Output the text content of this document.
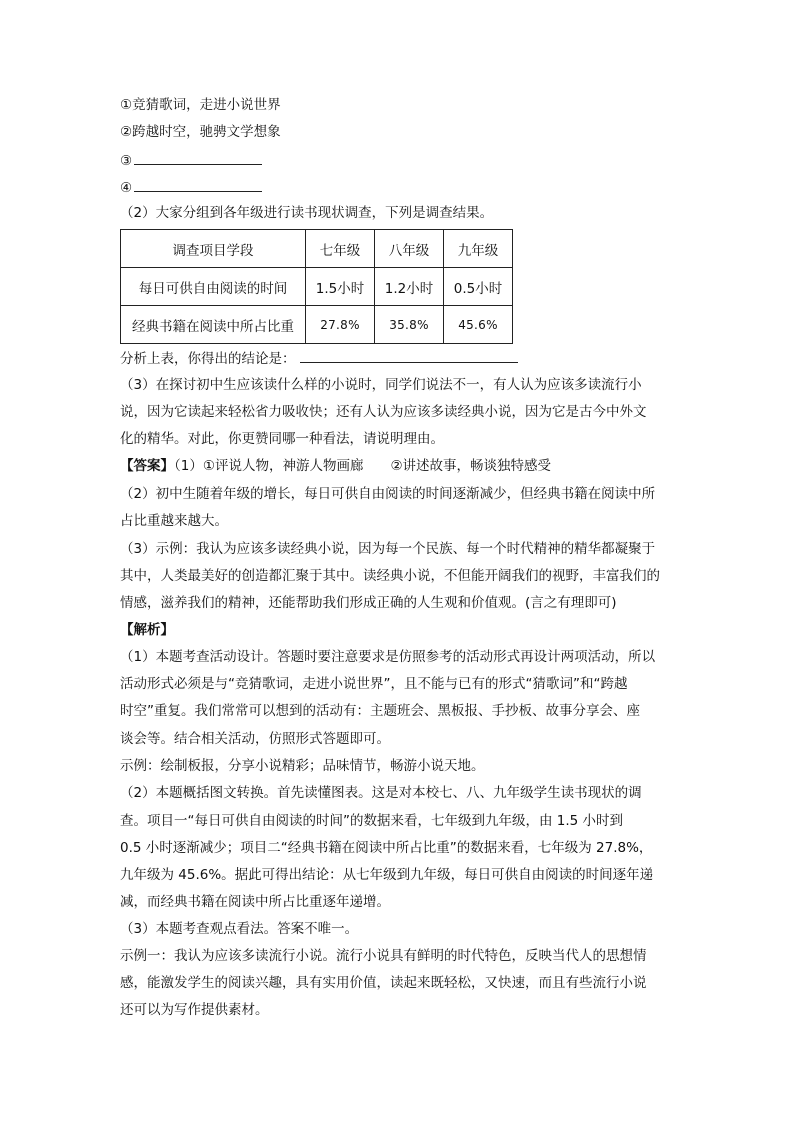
①竞猜歌词，走进小说世界
②跨越时空，驰骋文学想象
③
④
（2）大家分组到各年级进行读书现状调查，下列是调查结果。
调查项目学段	七年级	八年级	九年级
每日可供自由阅读的时间	1.5小时	1.2小时	0.5小时
经典书籍在阅读中所占比重	27.8%	35.8%	45.6%
分析上表，你得出的结论是：
（3）在探讨初中生应该读什么样的小说时，同学们说法不一，有人认为应该多读流行小
说，因为它读起来轻松省力吸收快；还有人认为应该多读经典小说，因为它是古今中外文
化的精华。对此，你更赞同哪一种看法，请说明理由。
【答案】（1）①评说人物，神游人物画廊　　②讲述故事，畅谈独特感受
（2）初中生随着年级的增长，每日可供自由阅读的时间逐渐减少，但经典书籍在阅读中所
占比重越来越大。
（3）示例：我认为应该多读经典小说，因为每一个民族、每一个时代精神的精华都凝聚于
其中，人类最美好的创造都汇聚于其中。读经典小说，不但能开阔我们的视野，丰富我们的
情感，滋养我们的精神，还能帮助我们形成正确的人生观和价值观。(言之有理即可)
【解析】
（1）本题考查活动设计。答题时要注意要求是仿照参考的活动形式再设计两项活动，所以
活动形式必须是与“竞猜歌词，走进小说世界”，且不能与已有的形式“猜歌词”和“跨越
时空”重复。我们常常可以想到的活动有：主题班会、黑板报、手抄板、故事分享会、座
谈会等。结合相关活动，仿照形式答题即可。
示例：绘制板报，分享小说精彩；品味情节，畅游小说天地。
（2）本题概括图文转换。首先读懂图表。这是对本校七、八、九年级学生读书现状的调
查。项目一“每日可供自由阅读的时间”的数据来看，七年级到九年级，由 1.5 小时到
0.5 小时逐渐减少；项目二“经典书籍在阅读中所占比重”的数据来看，七年级为 27.8%，
九年级为 45.6%。据此可得出结论：从七年级到九年级，每日可供自由阅读的时间逐年递
减，而经典书籍在阅读中所占比重逐年递增。
（3）本题考查观点看法。答案不唯一。
示例一：我认为应该多读流行小说。流行小说具有鲜明的时代特色，反映当代人的思想情
感，能激发学生的阅读兴趣，具有实用价值，读起来既轻松，又快速，而且有些流行小说
还可以为写作提供素材。
